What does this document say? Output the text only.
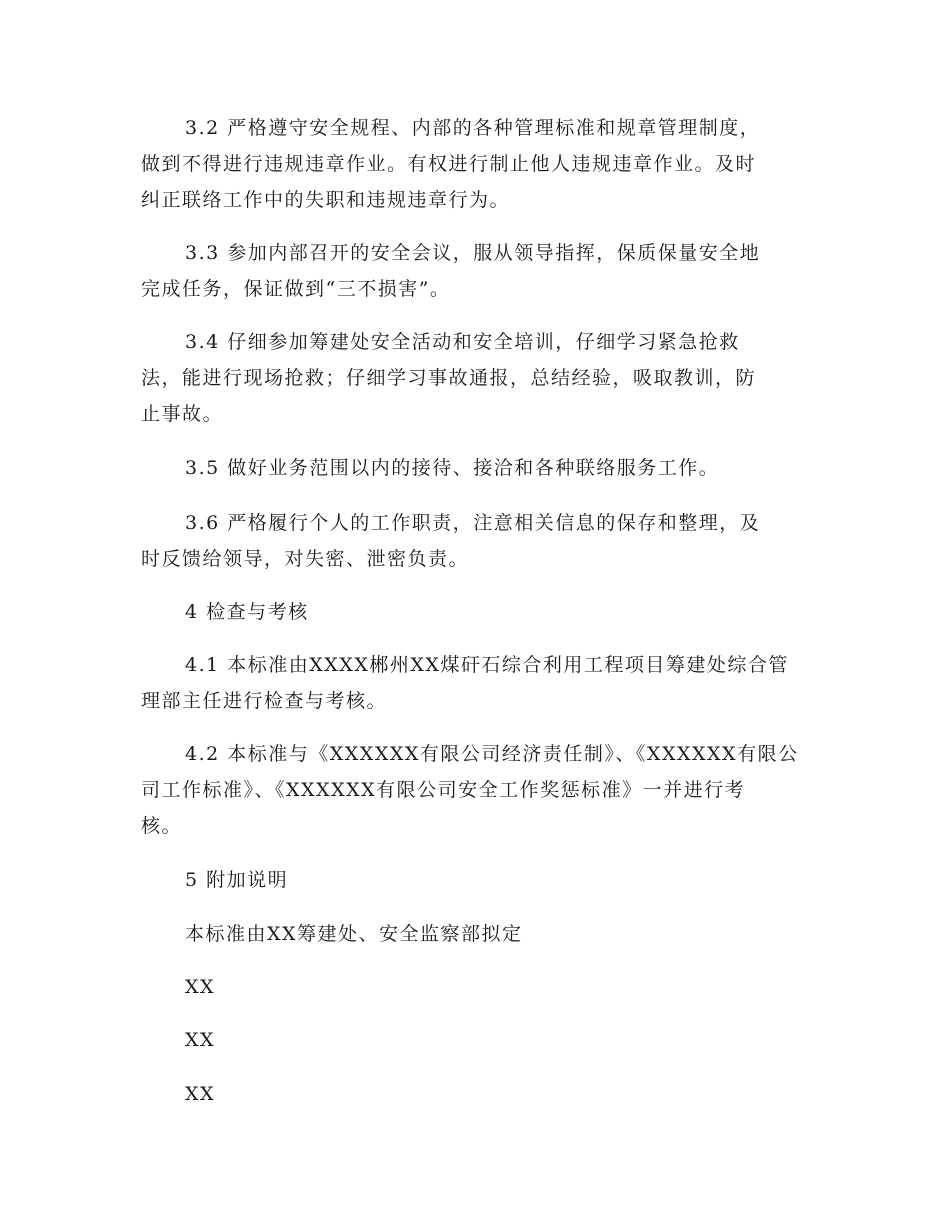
3.2 严格遵守安全规程、内部的各种管理标准和规章管理制度，
做到不得进行违规违章作业。有权进行制止他人违规违章作业。及时
纠正联络工作中的失职和违规违章行为。
3.3 参加内部召开的安全会议，服从领导指挥，保质保量安全地
完成任务，保证做到“三不损害”。
3.4 仔细参加筹建处安全活动和安全培训，仔细学习紧急抢救
法，能进行现场抢救；仔细学习事故通报，总结经验，吸取教训，防
止事故。
3.5 做好业务范围以内的接待、接洽和各种联络服务工作。
3.6 严格履行个人的工作职责，注意相关信息的保存和整理，及
时反馈给领导，对失密、泄密负责。
4 检查与考核
4.1 本标准由XXXX郴州XX煤矸石综合利用工程项目筹建处综合管
理部主任进行检查与考核。
4.2 本标准与《XXXXXX有限公司经济责任制》、《XXXXXX有限公
司工作标准》、《XXXXXX有限公司安全工作奖惩标准》一并进行考
核。
5 附加说明
本标准由XX筹建处、安全监察部拟定
XX
XX
XX
